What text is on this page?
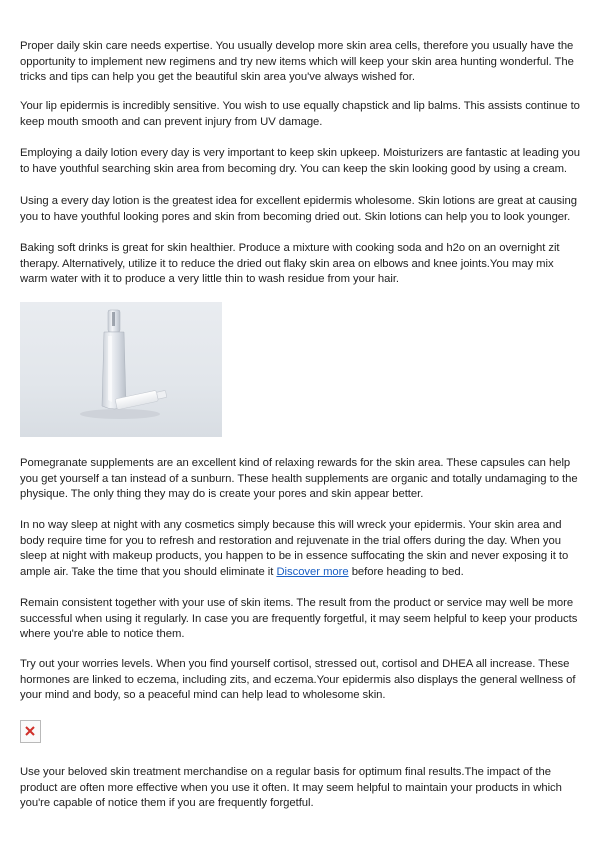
Proper daily skin care needs expertise. You usually develop more skin area cells, therefore you usually have the opportunity to implement new regimens and try new items which will keep your skin area hunting wonderful. The tricks and tips can help you get the beautiful skin area you've always wished for.

Your lip epidermis is incredibly sensitive. You wish to use equally chapstick and lip balms. This assists continue to keep mouth smooth and can prevent injury from UV damage.

Employing a daily lotion every day is very important to keep skin upkeep. Moisturizers are fantastic at leading you to have youthful searching skin area from becoming dry. You can keep the skin looking good by using a cream.

Using a every day lotion is the greatest idea for excellent epidermis wholesome. Skin lotions are great at causing you to have youthful looking pores and skin from becoming dried out. Skin lotions can help you to look younger.

Baking soft drinks is great for skin healthier. Produce a mixture with cooking soda and h2o on an overnight zit therapy. Alternatively, utilize it to reduce the dried out flaky skin area on elbows and knee joints.You may mix warm water with it to produce a very little thin to wash residue from your hair.

Pomegranate supplements are an excellent kind of relaxing rewards for the skin area. These capsules can help you get yourself a tan instead of a sunburn. These health supplements are organic and totally undamaging to the physique. The only thing they may do is create your pores and skin appear better.

In no way sleep at night with any cosmetics simply because this will wreck your epidermis. Your skin area and body require time for you to refresh and restoration and rejuvenate in the trial offers during the day. When you sleep at night with makeup products, you happen to be in essence suffocating the skin and never exposing it to ample air. Take the time that you should eliminate it Discover more before heading to bed.

Remain consistent together with your use of skin items. The result from the product or service may well be more successful when using it regularly. In case you are frequently forgetful, it may seem helpful to keep your products where you're able to notice them.

Try out your worries levels. When you find yourself cortisol, stressed out, cortisol and DHEA all increase. These hormones are linked to eczema, including zits, and eczema.Your epidermis also displays the general wellness of your mind and body, so a peaceful mind can help lead to wholesome skin.

Use your beloved skin treatment merchandise on a regular basis for optimum final results.The impact of the product are often more effective when you use it often. It may seem helpful to maintain your products in which you're capable of notice them if you are frequently forgetful.
